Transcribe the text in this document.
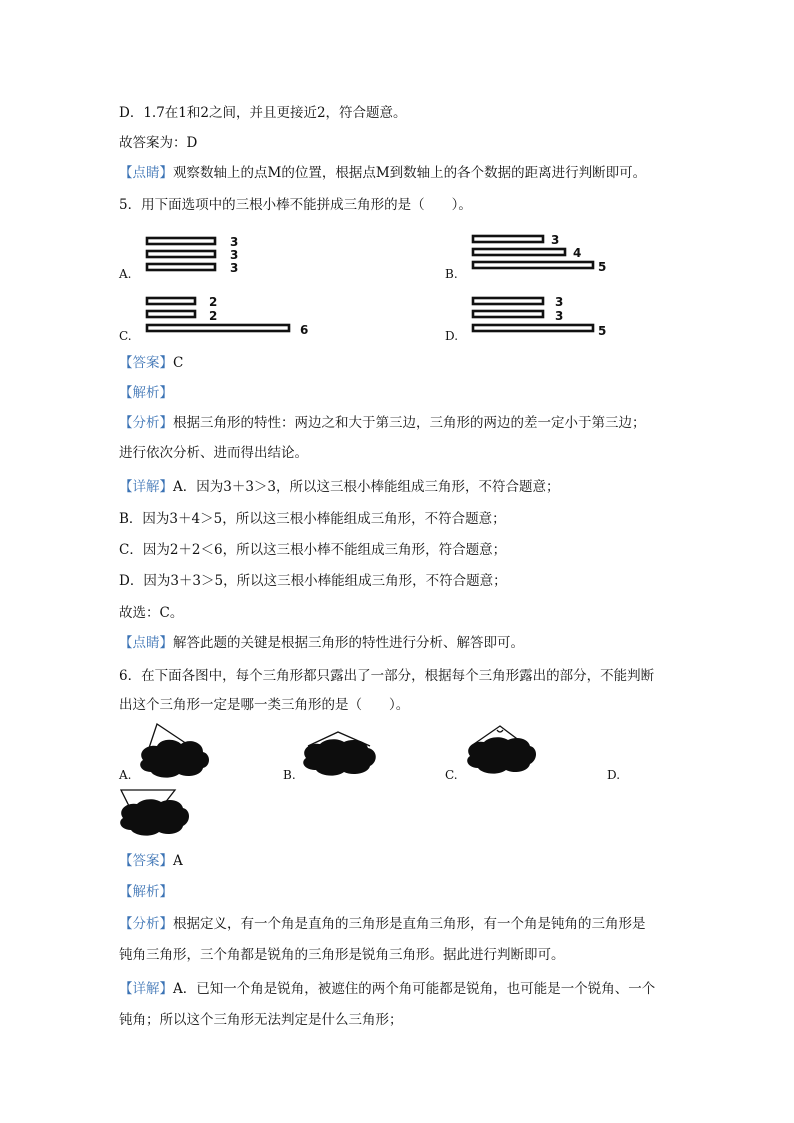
D．1.7在1和2之间，并且更接近2，符合题意。
故答案为：D
【点睛】观察数轴上的点M的位置，根据点M到数轴上的各个数据的距离进行判断即可。
5．用下面选项中的三根小棒不能拼成三角形的是（　　）。
A.
3
3
3	B.
3
4
5
C.
2
2
6	D.
3
3
5
【答案】C
【解析】
【分析】根据三角形的特性：两边之和大于第三边，三角形的两边的差一定小于第三边；
进行依次分析、进而得出结论。
【详解】A．因为3＋3＞3，所以这三根小棒能组成三角形，不符合题意；
B．因为3＋4＞5，所以这三根小棒能组成三角形，不符合题意；
C．因为2＋2＜6，所以这三根小棒不能组成三角形，符合题意；
D．因为3＋3＞5，所以这三根小棒能组成三角形，不符合题意；
故选：C。
【点睛】解答此题的关键是根据三角形的特性进行分析、解答即可。
6．在下面各图中，每个三角形都只露出了一部分，根据每个三角形露出的部分，不能判断
出这个三角形一定是哪一类三角形的是（　　）。
A.	B.	C.	D.
【答案】A
【解析】
【分析】根据定义，有一个角是直角的三角形是直角三角形，有一个角是钝角的三角形是
钝角三角形，三个角都是锐角的三角形是锐角三角形。据此进行判断即可。
【详解】A．已知一个角是锐角，被遮住的两个角可能都是锐角，也可能是一个锐角、一个
钝角；所以这个三角形无法判定是什么三角形；
